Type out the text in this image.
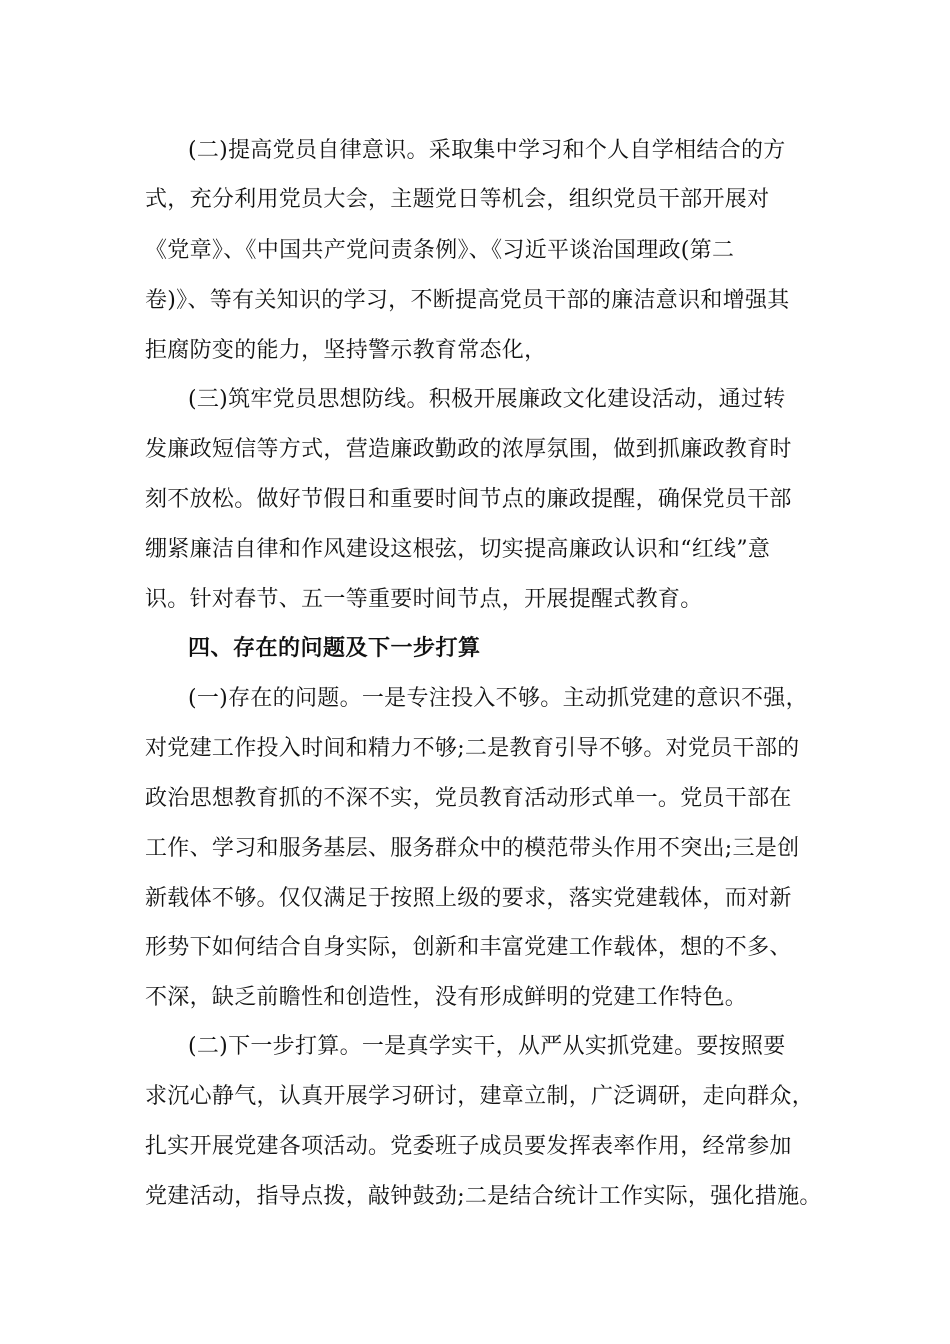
(二)提高党员自律意识。采取集中学习和个人自学相结合的方
式，充分利用党员大会，主题党日等机会，组织党员干部开展对
《党章》、《中国共产党问责条例》、《习近平谈治国理政(第二
卷)》、等有关知识的学习，不断提高党员干部的廉洁意识和增强其
拒腐防变的能力，坚持警示教育常态化，
(三)筑牢党员思想防线。积极开展廉政文化建设活动，通过转
发廉政短信等方式，营造廉政勤政的浓厚氛围，做到抓廉政教育时
刻不放松。做好节假日和重要时间节点的廉政提醒，确保党员干部
绷紧廉洁自律和作风建设这根弦，切实提高廉政认识和“红线”意
识。针对春节、五一等重要时间节点，开展提醒式教育。
四、存在的问题及下一步打算
(一)存在的问题。一是专注投入不够。主动抓党建的意识不强，
对党建工作投入时间和精力不够;二是教育引导不够。对党员干部的
政治思想教育抓的不深不实，党员教育活动形式单一。党员干部在
工作、学习和服务基层、服务群众中的模范带头作用不突出;三是创
新载体不够。仅仅满足于按照上级的要求，落实党建载体，而对新
形势下如何结合自身实际，创新和丰富党建工作载体，想的不多、
不深，缺乏前瞻性和创造性，没有形成鲜明的党建工作特色。
(二)下一步打算。一是真学实干，从严从实抓党建。要按照要
求沉心静气，认真开展学习研讨，建章立制，广泛调研，走向群众，
扎实开展党建各项活动。党委班子成员要发挥表率作用，经常参加
党建活动，指导点拨，敲钟鼓劲;二是结合统计工作实际，强化措施。
